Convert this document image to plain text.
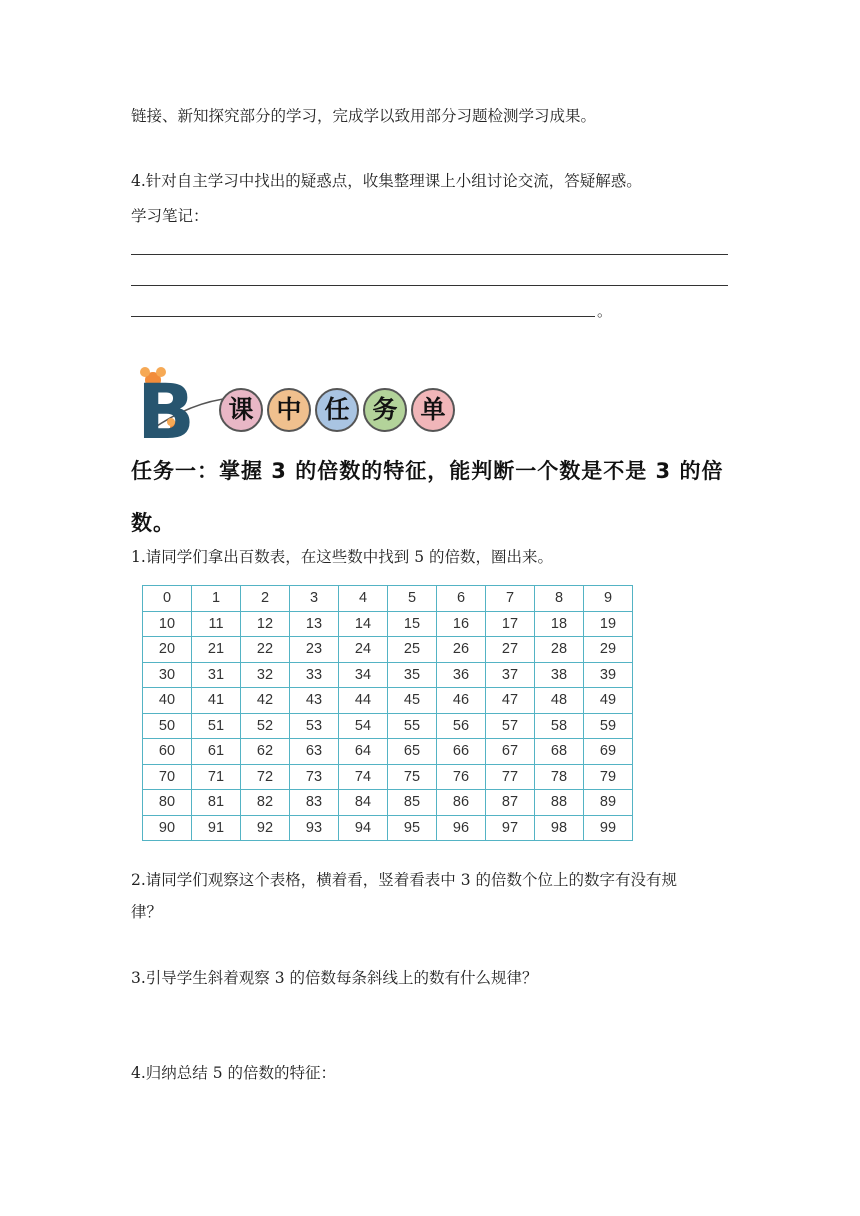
链接、新知探究部分的学习，完成学以致用部分习题检测学习成果。
4.针对自主学习中找出的疑惑点，收集整理课上小组讨论交流，答疑解惑。
学习笔记：
。
B	课 中 任 务 单
任务一：掌握 3 的倍数的特征，能判断一个数是不是 3 的倍数。
1.请同学们拿出百数表，在这些数中找到 5 的倍数，圈出来。
0	1	2	3	4	5	6	7	8	9
10	11	12	13	14	15	16	17	18	19
20	21	22	23	24	25	26	27	28	29
30	31	32	33	34	35	36	37	38	39
40	41	42	43	44	45	46	47	48	49
50	51	52	53	54	55	56	57	58	59
60	61	62	63	64	65	66	67	68	69
70	71	72	73	74	75	76	77	78	79
80	81	82	83	84	85	86	87	88	89
90	91	92	93	94	95	96	97	98	99
2.请同学们观察这个表格，横着看，竖着看表中 3 的倍数个位上的数字有没有规
律？
3.引导学生斜着观察 3 的倍数每条斜线上的数有什么规律？
4.归纳总结 5 的倍数的特征：
